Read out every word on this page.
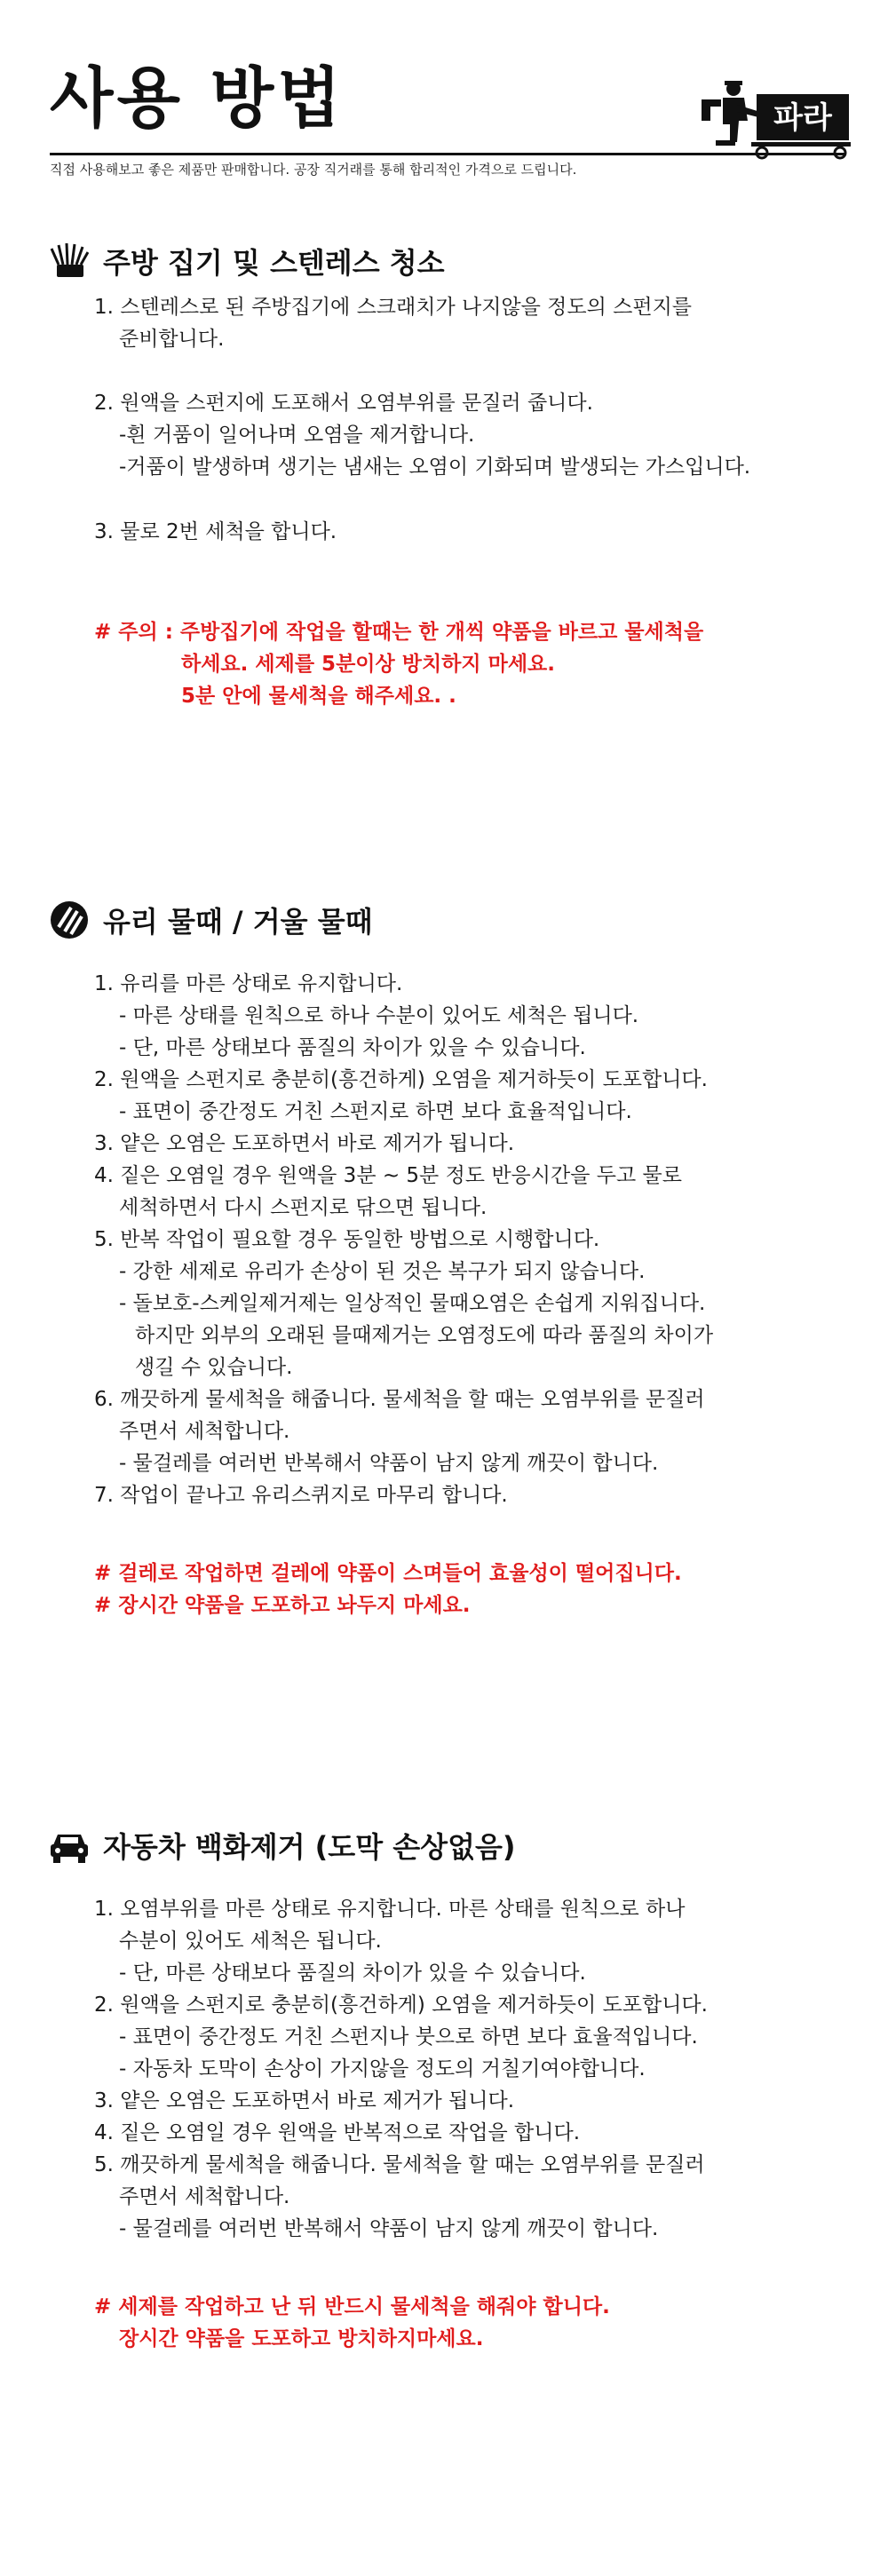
사용 방법	파라

직접 사용해보고 좋은 제품만 판매합니다. 공장 직거래를 통해 합리적인 가격으로 드립니다.

주방 집기 및 스텐레스 청소
1. 스텐레스로 된 주방집기에 스크래치가 나지않을 정도의 스펀지를
준비합니다.
2. 원액을 스펀지에 도포해서 오염부위를 문질러 줍니다.
-흰 거품이 일어나며 오염을 제거합니다.
-거품이 발생하며 생기는 냄새는 오염이 기화되며 발생되는 가스입니다.
3. 물로 2번 세척을 합니다.
# 주의 : 주방집기에 작업을 할때는 한 개씩 약품을 바르고 물세척을
하세요. 세제를 5분이상 방치하지 마세요.
5분 안에 물세척을 해주세요. .
유리 물때 / 거울 물때
1. 유리를 마른 상태로 유지합니다.
- 마른 상태를 원칙으로 하나 수분이 있어도 세척은 됩니다.
- 단, 마른 상태보다 품질의 차이가 있을 수 있습니다.
2. 원액을 스펀지로 충분히(흥건하게) 오염을 제거하듯이 도포합니다.
- 표면이 중간정도 거친 스펀지로 하면 보다 효율적입니다.
3. 얕은 오염은 도포하면서 바로 제거가 됩니다.
4. 짙은 오염일 경우 원액을 3분 ~ 5분 정도 반응시간을 두고 물로
세척하면서 다시 스펀지로 닦으면 됩니다.
5. 반복 작업이 필요할 경우 동일한 방법으로 시행합니다.
- 강한 세제로 유리가 손상이 된 것은 복구가 되지 않습니다.
- 돌보호-스케일제거제는 일상적인 물때오염은 손쉽게 지워집니다.
하지만 외부의 오래된 믈때제거는 오염정도에 따라 품질의 차이가
생길 수 있습니다.
6. 깨끗하게 물세척을 해줍니다. 물세척을 할 때는 오염부위를 문질러
주면서 세척합니다.
- 물걸레를 여러번 반복해서 약품이 남지 않게 깨끗이 합니다.
7. 작업이 끝나고 유리스퀴지로 마무리 합니다.
# 걸레로 작업하면 걸레에 약품이 스며들어 효율성이 떨어집니다.
# 장시간 약품을 도포하고 놔두지 마세요.
자동차 백화제거 (도막 손상없음)
1. 오염부위를 마른 상태로 유지합니다. 마른 상태를 원칙으로 하나
수분이 있어도 세척은 됩니다.
- 단, 마른 상태보다 품질의 차이가 있을 수 있습니다.
2. 원액을 스펀지로 충분히(흥건하게) 오염을 제거하듯이 도포합니다.
- 표면이 중간정도 거친 스펀지나 붓으로 하면 보다 효율적입니다.
- 자동차 도막이 손상이 가지않을 정도의 거칠기여야합니다.
3. 얕은 오염은 도포하면서 바로 제거가 됩니다.
4. 짙은 오염일 경우 원액을 반복적으로 작업을 합니다.
5. 깨끗하게 물세척을 해줍니다. 물세척을 할 때는 오염부위를 문질러
주면서 세척합니다.
- 물걸레를 여러번 반복해서 약품이 남지 않게 깨끗이 합니다.
# 세제를 작업하고 난 뒤 반드시 물세척을 해줘야 합니다.
장시간 약품을 도포하고 방치하지마세요.
